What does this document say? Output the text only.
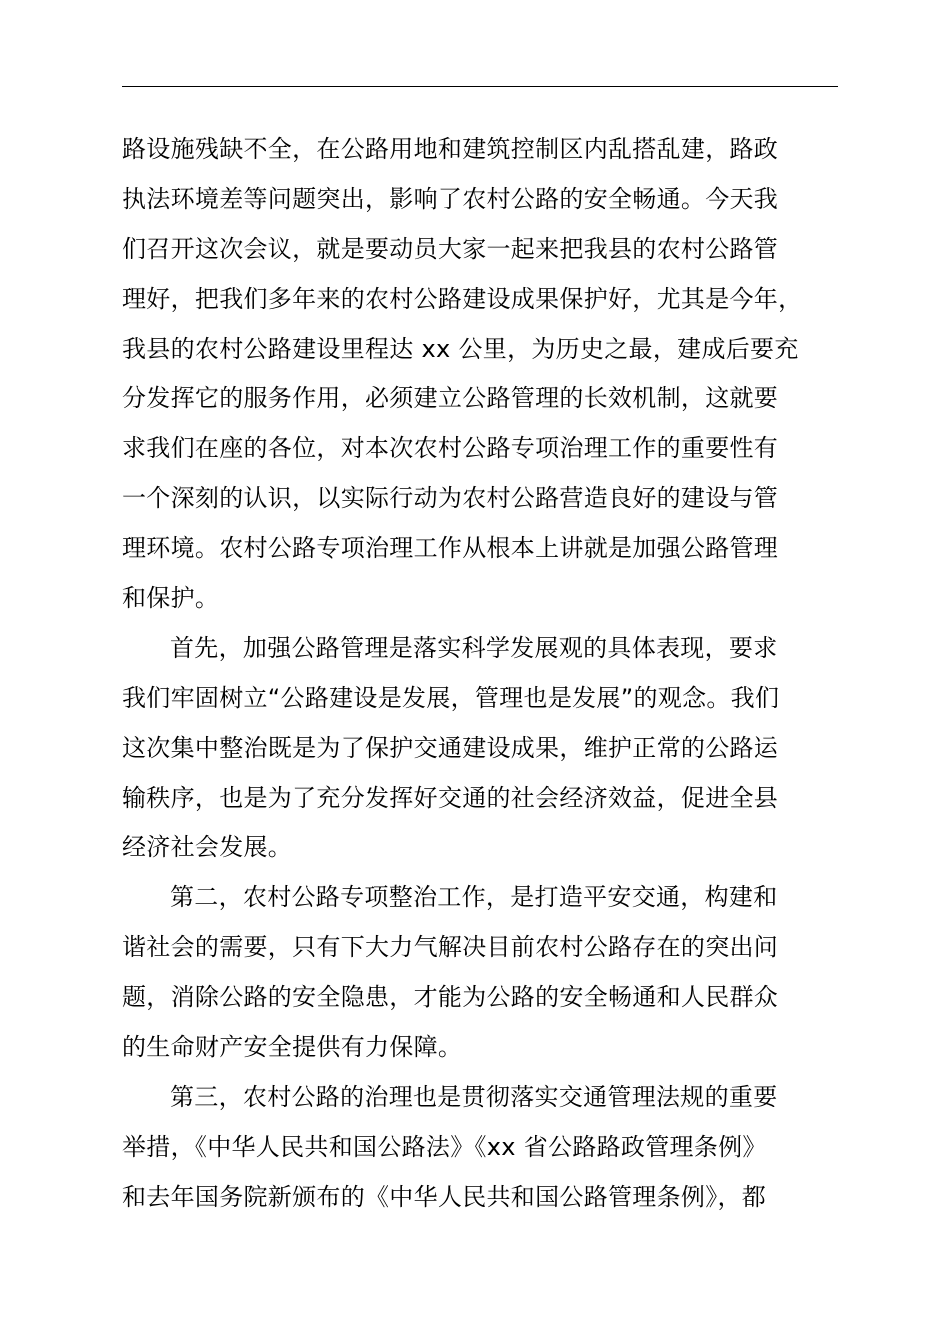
路设施残缺不全，在公路用地和建筑控制区内乱搭乱建，路政
执法环境差等问题突出，影响了农村公路的安全畅通。今天我
们召开这次会议，就是要动员大家一起来把我县的农村公路管
理好，把我们多年来的农村公路建设成果保护好，尤其是今年，
我县的农村公路建设里程达 xx 公里，为历史之最，建成后要充
分发挥它的服务作用，必须建立公路管理的长效机制，这就要
求我们在座的各位，对本次农村公路专项治理工作的重要性有
一个深刻的认识，以实际行动为农村公路营造良好的建设与管
理环境。农村公路专项治理工作从根本上讲就是加强公路管理
和保护。
首先，加强公路管理是落实科学发展观的具体表现，要求
我们牢固树立“公路建设是发展，管理也是发展”的观念。我们
这次集中整治既是为了保护交通建设成果，维护正常的公路运
输秩序，也是为了充分发挥好交通的社会经济效益，促进全县
经济社会发展。
第二，农村公路专项整治工作，是打造平安交通，构建和
谐社会的需要，只有下大力气解决目前农村公路存在的突出问
题，消除公路的安全隐患，才能为公路的安全畅通和人民群众
的生命财产安全提供有力保障。
第三，农村公路的治理也是贯彻落实交通管理法规的重要
举措，《中华人民共和国公路法》《xx 省公路路政管理条例》
和去年国务院新颁布的《中华人民共和国公路管理条例》，都
